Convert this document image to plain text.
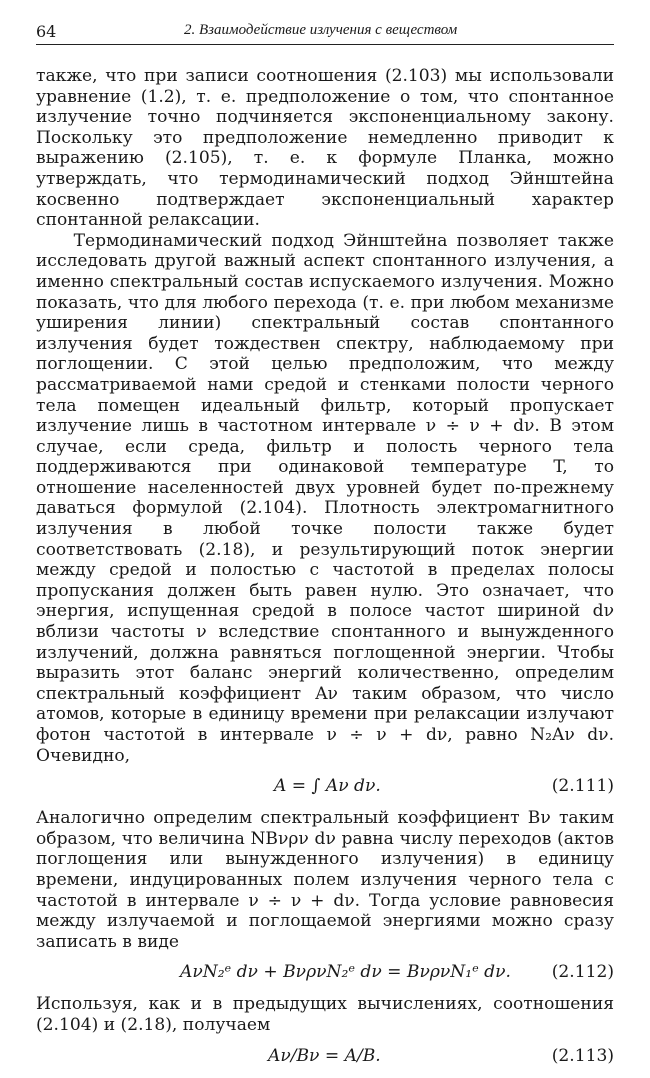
64	2. Взаимодействие излучения с веществом

также, что при записи соотношения (2.103) мы использовали уравнение (1.2), т. е. предположение о том, что спонтанное излучение точно подчиняется экспоненциальному закону. Поскольку это предположение немедленно приводит к выражению (2.105), т. е. к формуле Планка, можно утверждать, что термодинамический подход Эйнштейна косвенно подтверждает экспоненциальный характер спонтанной релаксации.

Термодинамический подход Эйнштейна позволяет также исследовать другой важный аспект спонтанного излучения, а именно спектральный состав испускаемого излучения. Можно показать, что для любого перехода (т. е. при любом механизме уширения линии) спектральный состав спонтанного излучения будет тождествен спектру, наблюдаемому при поглощении. С этой целью предположим, что между рассматриваемой нами средой и стенками полости черного тела помещен идеальный фильтр, который пропускает излучение лишь в частотном интервале ν ÷ ν + dν. В этом случае, если среда, фильтр и полость черного тела поддерживаются при одинаковой температуре T, то отношение населенностей двух уровней будет по-прежнему даваться формулой (2.104). Плотность электромагнитного излучения в любой точке полости также будет соответствовать (2.18), и результирующий поток энергии между средой и полостью с частотой в пределах полосы пропускания должен быть равен нулю. Это означает, что энергия, испущенная средой в полосе частот шириной dν вблизи частоты ν вследствие спонтанного и вынужденного излучений, должна равняться поглощенной энергии. Чтобы выразить этот баланс энергий количественно, определим спектральный коэффициент Aν таким образом, что число атомов, которые в единицу времени при релаксации излучают фотон частотой в интервале ν ÷ ν + dν, равно N₂Aν dν. Очевидно,

A = ∫ Aν dν.	(2.111)

Аналогично определим спектральный коэффициент Bν таким образом, что величина NBνρν dν равна числу переходов (актов поглощения или вынужденного излучения) в единицу времени, индуцированных полем излучения черного тела с частотой в интервале ν ÷ ν + dν. Тогда условие равновесия между излучаемой и поглощаемой энергиями можно сразу записать в виде

AνN₂ᵉ dν + BνρνN₂ᵉ dν = BνρνN₁ᵉ dν. (2.112)

Используя, как и в предыдущих вычислениях, соотношения (2.104) и (2.18), получаем

Aν/Bν = A/B.	(2.113)
